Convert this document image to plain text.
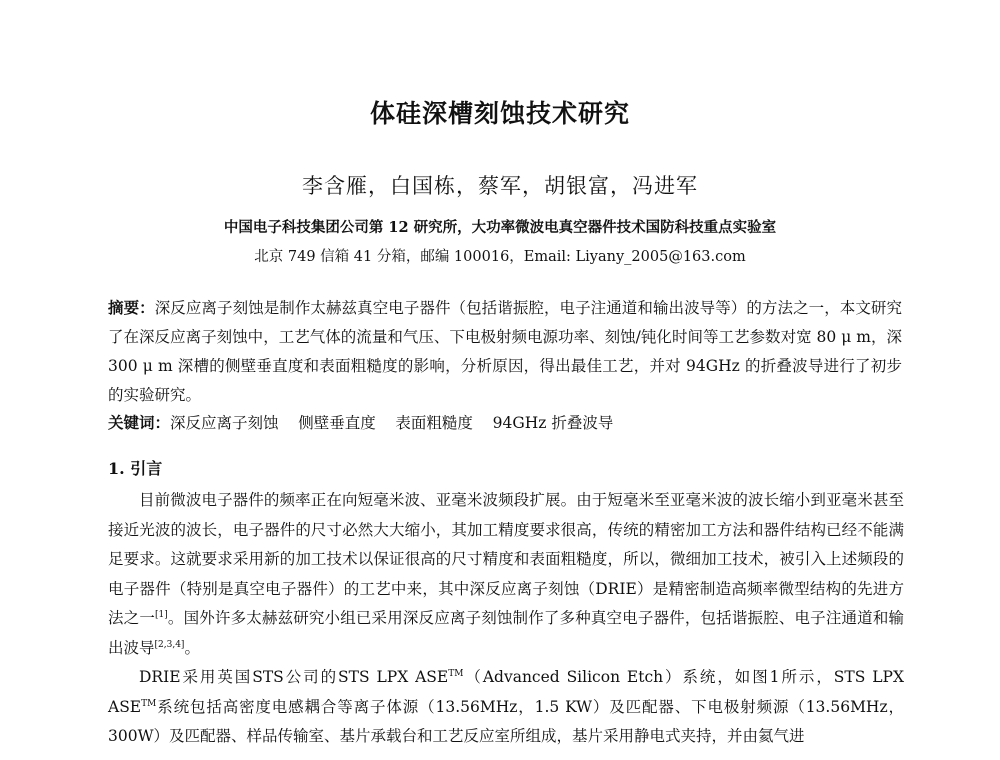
体硅深槽刻蚀技术研究
李含雁，白国栋，蔡军，胡银富，冯进军
中国电子科技集团公司第 12 研究所，大功率微波电真空器件技术国防科技重点实验室
北京 749 信箱 41 分箱，邮编 100016，Email: Liyany_2005@163.com
摘要：深反应离子刻蚀是制作太赫兹真空电子器件（包括谐振腔，电子注通道和输出波导等）的方法之一，本文研究了在深反应离子刻蚀中，工艺气体的流量和气压、下电极射频电源功率、刻蚀/钝化时间等工艺参数对宽 80 μ m，深 300 μ m 深槽的侧壁垂直度和表面粗糙度的影响，分析原因，得出最佳工艺，并对 94GHz 的折叠波导进行了初步的实验研究。
关键词：深反应离子刻蚀    侧壁垂直度    表面粗糙度    94GHz 折叠波导
1. 引言

目前微波电子器件的频率正在向短毫米波、亚毫米波频段扩展。由于短毫米至亚毫米波的波长缩小到亚毫米甚至接近光波的波长，电子器件的尺寸必然大大缩小，其加工精度要求很高，传统的精密加工方法和器件结构已经不能满足要求。这就要求采用新的加工技术以保证很高的尺寸精度和表面粗糙度，所以，微细加工技术，被引入上述频段的电子器件（特别是真空电子器件）的工艺中来，其中深反应离子刻蚀（DRIE）是精密制造高频率微型结构的先进方法之一[1]。国外许多太赫兹研究小组已采用深反应离子刻蚀制作了多种真空电子器件，包括谐振腔、电子注通道和输出波导[2,3,4]。

DRIE采用英国STS公司的STS LPX ASE™（Advanced Silicon Etch）系统，如图1所示，STS LPX ASE™系统包括高密度电感耦合等离子体源（13.56MHz，1.5 KW）及匹配器、下电极射频源（13.56MHz，300W）及匹配器、样品传输室、基片承载台和工艺反应室所组成，基片采用静电式夹持，并由氦气进
